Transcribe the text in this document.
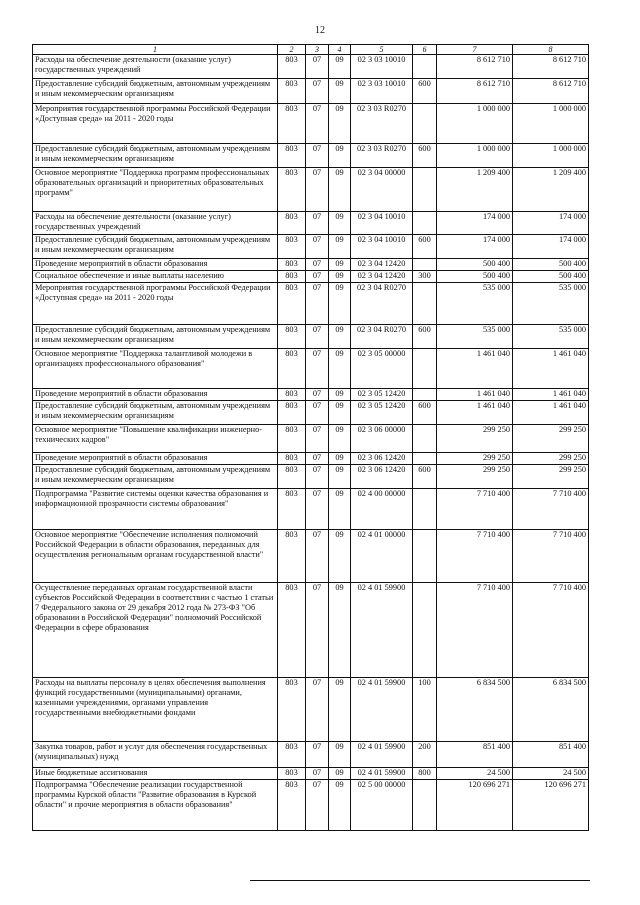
12
1	2	3	4	5	6	7	8
Расходы на обеспечение деятельности (оказание услуг) государственных учреждений	803	07	09	02 3 03 10010		8 612 710	8 612 710
Предоставление субсидий бюджетным, автономным учреждениям и иным некоммерческим организациям	803	07	09	02 3 03 10010	600	8 612 710	8 612 710
Мероприятия государственной программы Российской Федерации «Доступная среда» на 2011 - 2020 годы	803	07	09	02 3 03 R0270		1 000 000	1 000 000
Предоставление субсидий бюджетным, автономным учреждениям и иным некоммерческим организациям	803	07	09	02 3 03 R0270	600	1 000 000	1 000 000
Основное мероприятие "Поддержка программ профессиональных образовательных организаций и приоритетных образовательных программ"	803	07	09	02 3 04 00000		1 209 400	1 209 400
Расходы на обеспечение деятельности (оказание услуг) государственных учреждений	803	07	09	02 3 04 10010		174 000	174 000
Предоставление субсидий бюджетным, автономным учреждениям и иным некоммерческим организациям	803	07	09	02 3 04 10010	600	174 000	174 000
Проведение мероприятий в области образования	803	07	09	02 3 04 12420		500 400	500 400
Социальное обеспечение и иные выплаты населению	803	07	09	02 3 04 12420	300	500 400	500 400
Мероприятия государственной программы Российской Федерации «Доступная среда» на 2011 - 2020 годы	803	07	09	02 3 04 R0270		535 000	535 000
Предоставление субсидий бюджетным, автономным учреждениям и иным некоммерческим организациям	803	07	09	02 3 04 R0270	600	535 000	535 000
Основное мероприятие "Поддержка талантливой молодежи в организациях профессионального образования"	803	07	09	02 3 05 00000		1 461 040	1 461 040
Проведение мероприятий в области образования	803	07	09	02 3 05 12420		1 461 040	1 461 040
Предоставление субсидий бюджетным, автономным учреждениям и иным некоммерческим организациям	803	07	09	02 3 05 12420	600	1 461 040	1 461 040
Основное мероприятие "Повышение квалификации инженерно-технических кадров"	803	07	09	02 3 06 00000		299 250	299 250
Проведение мероприятий в области образования	803	07	09	02 3 06 12420		299 250	299 250
Предоставление субсидий бюджетным, автономным учреждениям и иным некоммерческим организациям	803	07	09	02 3 06 12420	600	299 250	299 250
Подпрограмма "Развитие системы оценки качества образования и информационной прозрачности системы образования"	803	07	09	02 4 00 00000		7 710 400	7 710 400
Основное мероприятие "Обеспечение исполнения полномочий Российской Федерации в области образования, переданных для осуществления региональным органам государственной власти"	803	07	09	02 4 01 00000		7 710 400	7 710 400
Осуществление переданных органам государственной власти субъектов Российской Федерации в соответствии с частью 1 статьи 7 Федерального закона от 29 декабря 2012 года № 273-ФЗ "Об образовании в Российской Федерации" полномочий Российской Федерации в сфере образования	803	07	09	02 4 01 59900		7 710 400	7 710 400
Расходы на выплаты персоналу в целях обеспечения выполнения функций государственными (муниципальными) органами, казенными учреждениями, органами управления государственными внебюджетными фондами	803	07	09	02 4 01 59900	100	6 834 500	6 834 500
Закупка товаров, работ и услуг для обеспечения государственных (муниципальных) нужд	803	07	09	02 4 01 59900	200	851 400	851 400
Иные бюджетные ассигнования	803	07	09	02 4 01 59900	800	24 500	24 500
Подпрограмма "Обеспечение реализации государственной программы Курской области "Развитие образования в Курской области" и прочие мероприятия в области образования"	803	07	09	02 5 00 00000		120 696 271	120 696 271
